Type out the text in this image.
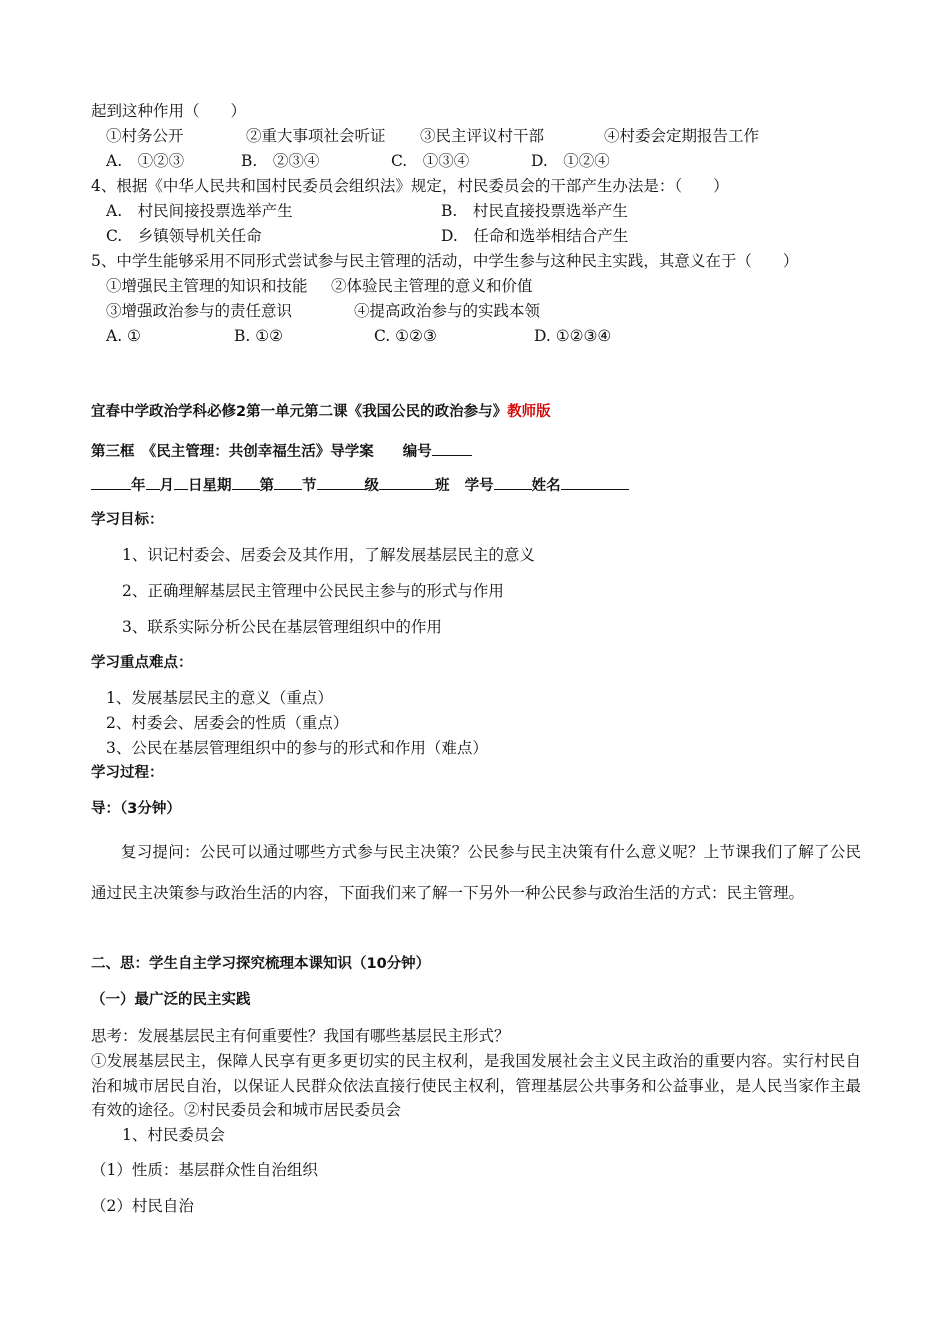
起到这种作用（　　）
①村务公开	②重大事项社会听证 ③民主评议村干部	④村委会定期报告工作
A.　①②③	B.　②③④	C.　①③④	D.　①②④
4、根据《中华人民共和国村民委员会组织法》规定，村民委员会的干部产生办法是：（　　）
A.　村民间接投票选举产生	B.　村民直接投票选举产生
C.　乡镇领导机关任命	D.　任命和选举相结合产生
5、中学生能够采用不同形式尝试参与民主管理的活动，中学生参与这种民主实践，其意义在于（　　）
①增强民主管理的知识和技能 ②体验民主管理的意义和价值
③增强政治参与的责任意识	④提高政治参与的实践本领
A. ①	B. ①②	C. ①②③	D. ①②③④
宜春中学政治学科必修2第一单元第二课《我国公民的政治参与》教师版
第三框　《民主管理：共创幸福生活》导学案　　编号
年 月 日星期 第 节	级	班 学号	姓名
学习目标：
1、识记村委会、居委会及其作用，了解发展基层民主的意义
2、正确理解基层民主管理中公民民主参与的形式与作用
3、联系实际分析公民在基层管理组织中的作用
学习重点难点：
1、发展基层民主的意义（重点）
2、村委会、居委会的性质（重点）
3、公民在基层管理组织中的参与的形式和作用（难点）
学习过程：
导：（3分钟）
复习提问：公民可以通过哪些方式参与民主决策？公民参与民主决策有什么意义呢？上节课我们了解了公民通过民主决策参与政治生活的内容，下面我们来了解一下另外一种公民参与政治生活的方式：民主管理。
二、思：学生自主学习探究梳理本课知识（10分钟）
（一）最广泛的民主实践
思考：发展基层民主有何重要性？我国有哪些基层民主形式？
①发展基层民主，保障人民享有更多更切实的民主权利，是我国发展社会主义民主政治的重要内容。实行村民自治和城市居民自治，以保证人民群众依法直接行使民主权利，管理基层公共事务和公益事业，是人民当家作主最有效的途径。②村民委员会和城市居民委员会
1、村民委员会
（1）性质：基层群众性自治组织
（2）村民自治
